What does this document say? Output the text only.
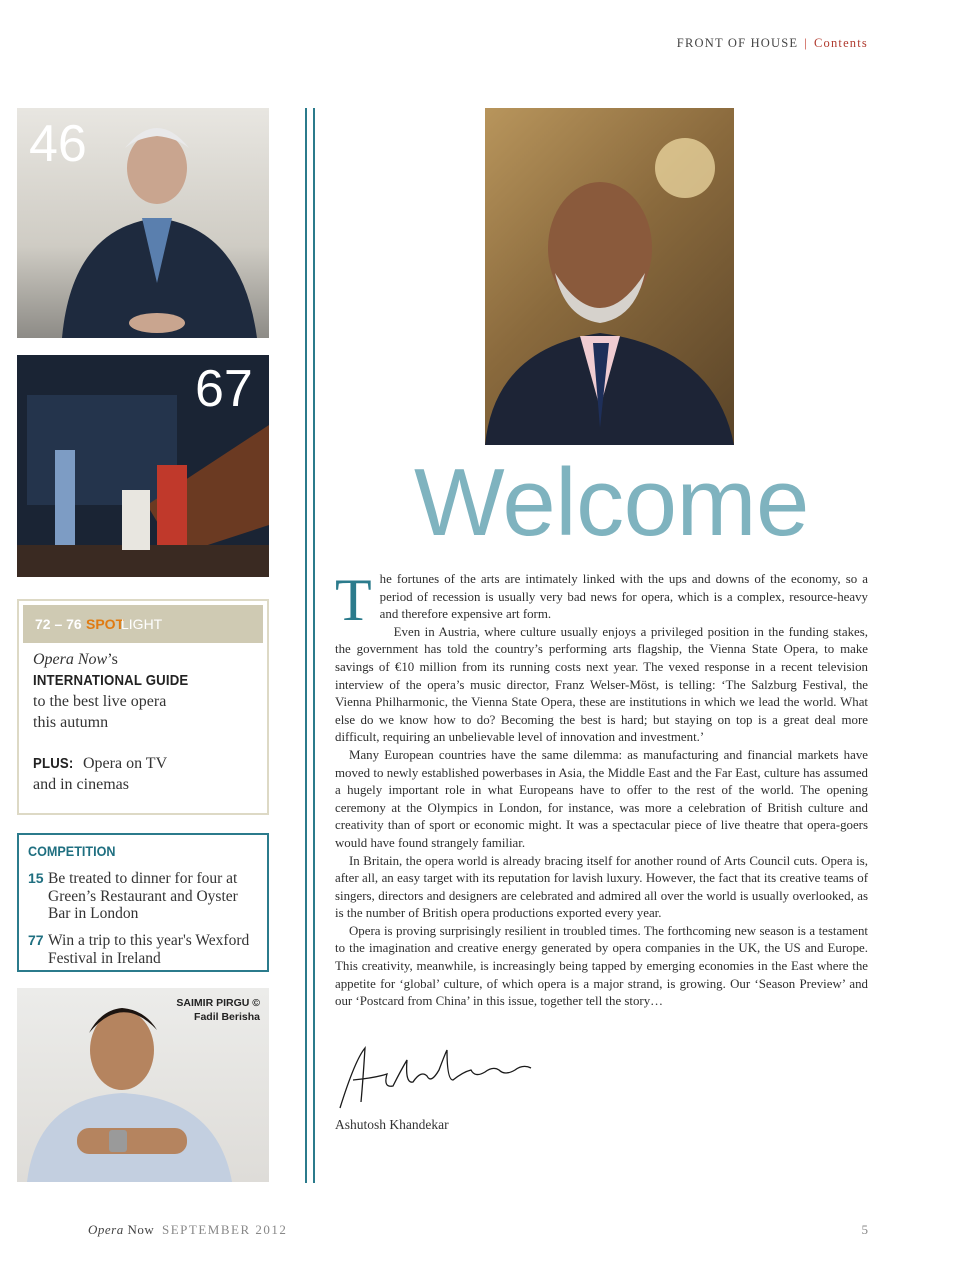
FRONT OF HOUSE | Contents
46
67
72 – 76 SPOT
LIGHT
Opera Now’s
INTERNATIONAL GUIDE
to the best live opera
this autumn
PLUS: Opera on TV
and in cinemas
COMPETITION
15 Be treated to dinner for four at Green’s Restaurant and Oyster Bar in London
77 Win a trip to this year's Wexford Festival in Ireland
SAIMIR PIRGU ©
Fadil Berisha
Welcome

The fortunes of the arts are intimately linked with the ups and downs of the economy, so a period of recession is usually very bad news for opera, which is a complex, resource-heavy and therefore expensive art form.

Even in Austria, where culture usually enjoys a privileged position in the funding stakes, the government has told the country’s performing arts flagship, the Vienna State Opera, to make savings of €10 million from its running costs next year. The vexed response in a recent television interview of the opera’s music director, Franz Welser-Möst, is telling: ‘The Salzburg Festival, the Vienna Philharmonic, the Vienna State Opera, these are institutions in which we lead the world. What else do we know how to do? Becoming the best is hard; but staying on top is a great deal more difficult, requiring an unbelievable level of innovation and investment.’

Many European countries have the same dilemma: as manufacturing and financial markets have moved to newly established powerbases in Asia, the Middle East and the Far East, culture has assumed a hugely important role in what Europeans have to offer to the rest of the world. The opening ceremony at the Olympics in London, for instance, was more a celebration of British culture and creativity than of sport or economic might. It was a spectacular piece of live theatre that opera-goers would have found strangely familiar.

In Britain, the opera world is already bracing itself for another round of Arts Council cuts. Opera is, after all, an easy target with its reputation for lavish luxury. However, the fact that its creative teams of singers, directors and designers are celebrated and admired all over the world is usually overlooked, as is the number of British opera productions exported every year.

Opera is proving surprisingly resilient in troubled times. The forthcoming new season is a testament to the imagination and creative energy generated by opera companies in the UK, the US and Europe. This creativity, meanwhile, is increasingly being tapped by emerging economies in the East where the appetite for ‘global’ culture, of which opera is a major strand, is growing. Our ‘Season Preview’ and our ‘Postcard from China’ in this issue, together tell the story…

Ashutosh Khandekar
Opera Now SEPTEMBER 2012	5
